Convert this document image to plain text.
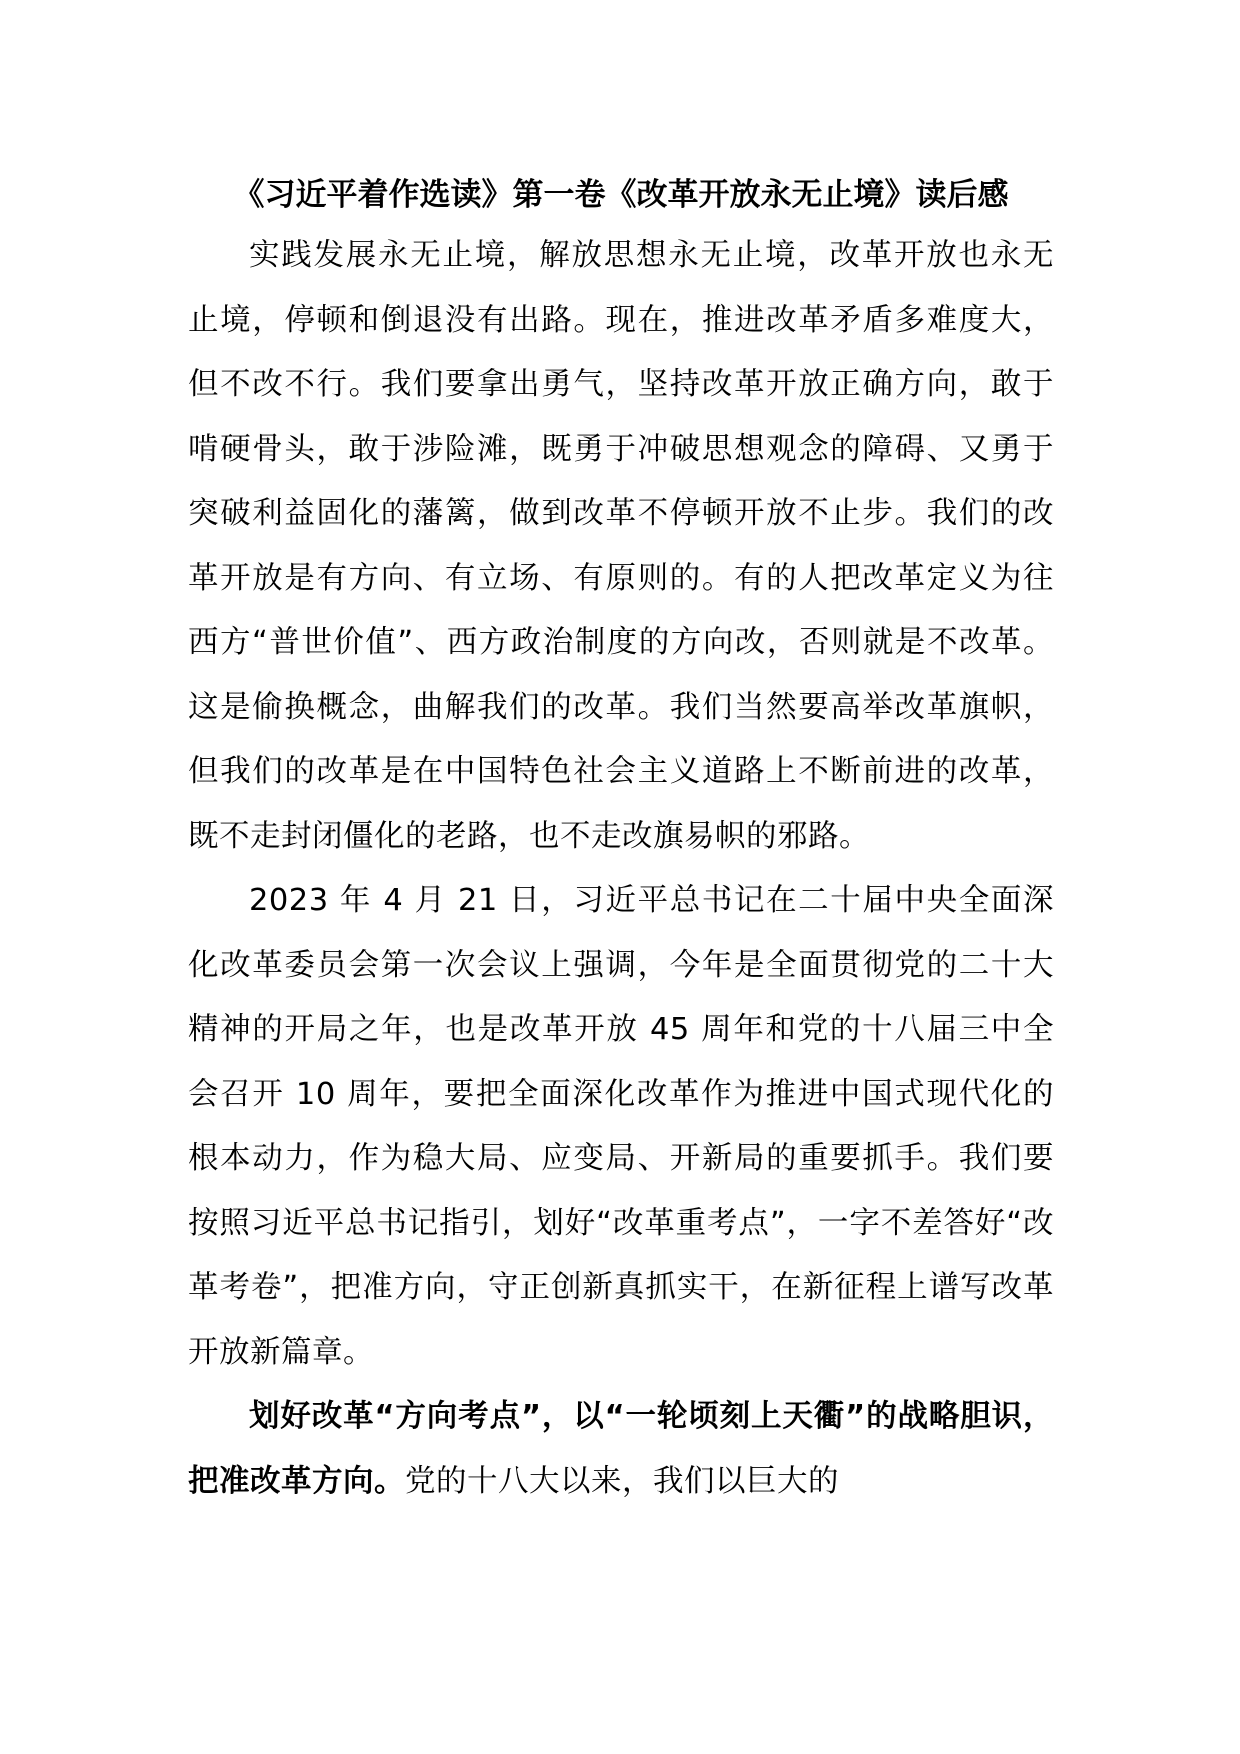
《习近平着作选读》第一卷《改革开放永无止境》读后感

实践发展永无止境，解放思想永无止境，改革开放也永无止境，停顿和倒退没有出路。现在，推进改革矛盾多难度大，但不改不行。我们要拿出勇气，坚持改革开放正确方向，敢于啃硬骨头，敢于涉险滩，既勇于冲破思想观念的障碍、又勇于突破利益固化的藩篱，做到改革不停顿开放不止步。我们的改革开放是有方向、有立场、有原则的。有的人把改革定义为往西方“普世价值”、西方政治制度的方向改，否则就是不改革。这是偷换概念，曲解我们的改革。我们当然要高举改革旗帜，但我们的改革是在中国特色社会主义道路上不断前进的改革，既不走封闭僵化的老路，也不走改旗易帜的邪路。

2023 年 4 月 21 日，习近平总书记在二十届中央全面深化改革委员会第一次会议上强调，今年是全面贯彻党的二十大精神的开局之年，也是改革开放 45 周年和党的十八届三中全会召开 10 周年，要把全面深化改革作为推进中国式现代化的根本动力，作为稳大局、应变局、开新局的重要抓手。我们要按照习近平总书记指引，划好“改革重考点”，一字不差答好“改革考卷”，把准方向，守正创新真抓实干，在新征程上谱写改革开放新篇章。

划好改革“方向考点”，以“一轮顷刻上天衢”的战略胆识，把准改革方向。党的十八大以来，我们以巨大的
